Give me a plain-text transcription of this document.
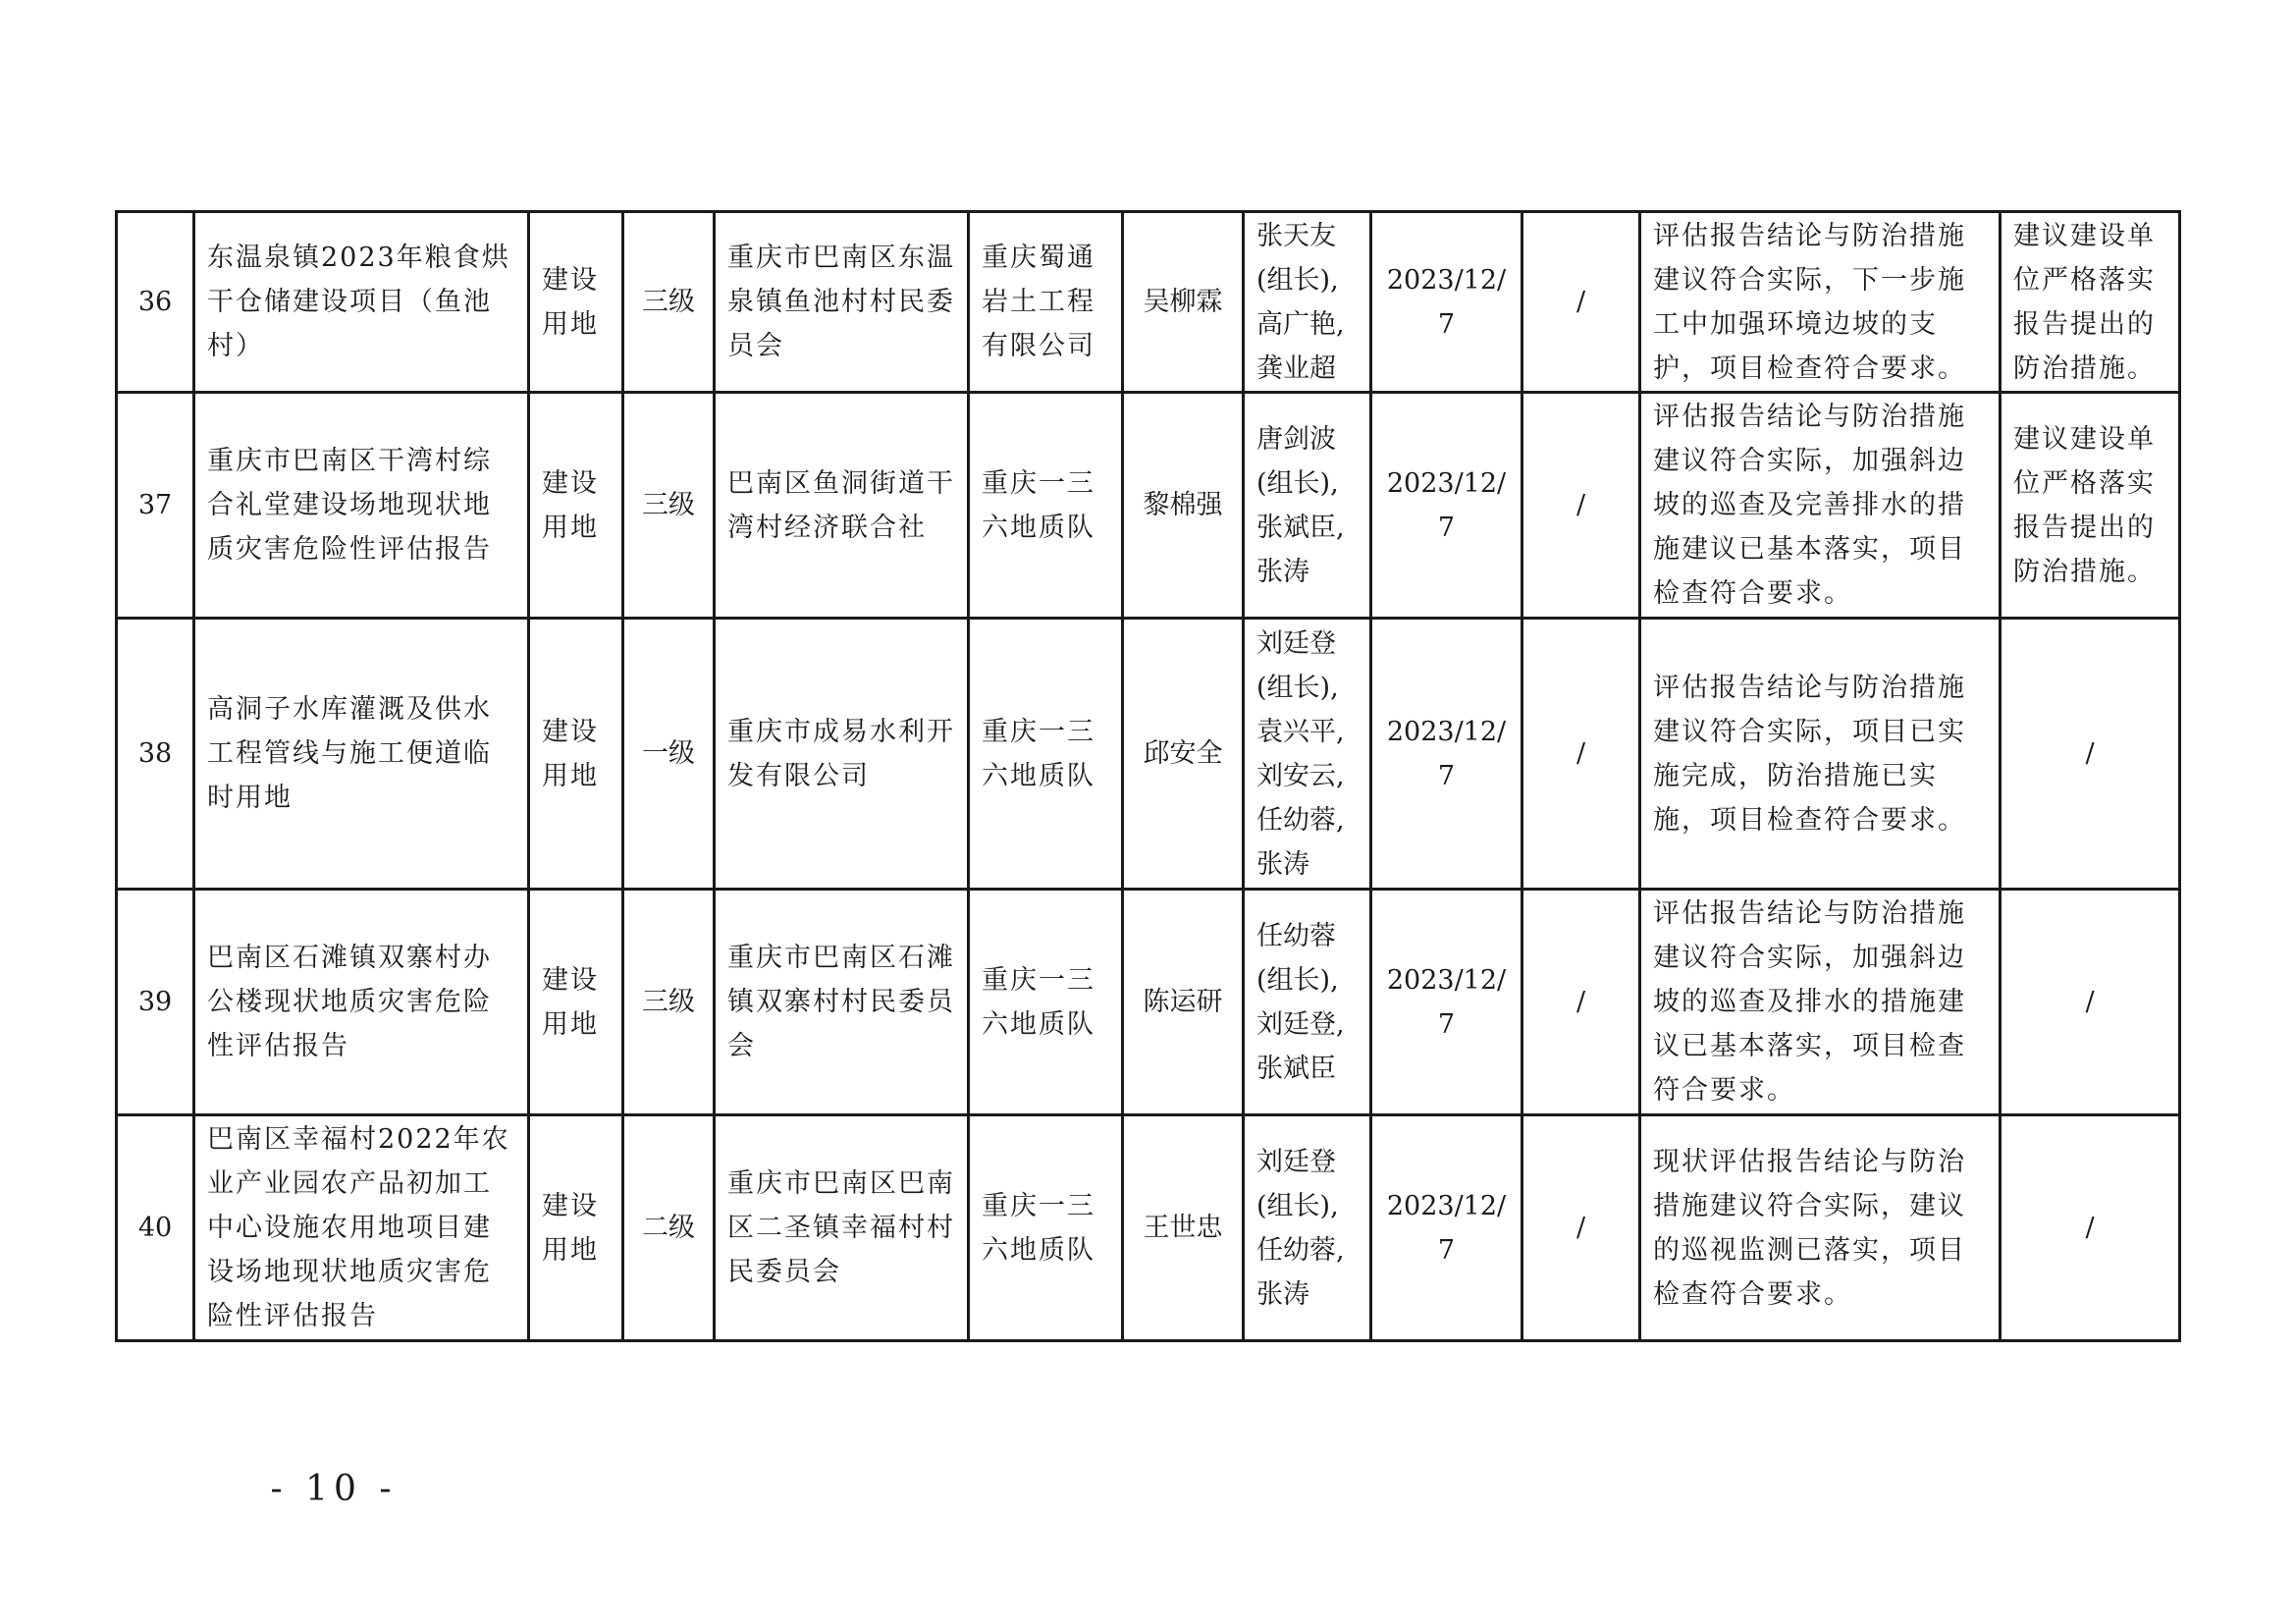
36	东温泉镇2023年粮食烘干仓储建设项目（鱼池村）	建设用地	三级	重庆市巴南区东温泉镇鱼池村村民委员会	重庆蜀通岩土工程有限公司	吴柳霖	张天友(组长),高广艳,龚业超	2023/12/7	/	评估报告结论与防治措施建议符合实际，下一步施工中加强环境边坡的支护，项目检查符合要求。	建议建设单位严格落实报告提出的防治措施。
37	重庆市巴南区干湾村综合礼堂建设场地现状地质灾害危险性评估报告	建设用地	三级	巴南区鱼洞街道干湾村经济联合社	重庆一三六地质队	黎棉强	唐剑波(组长),张斌臣,张涛	2023/12/7	/	评估报告结论与防治措施建议符合实际，加强斜边坡的巡查及完善排水的措施建议已基本落实，项目检查符合要求。	建议建设单位严格落实报告提出的防治措施。
38	高洞子水库灌溉及供水工程管线与施工便道临时用地	建设用地	一级	重庆市成易水利开发有限公司	重庆一三六地质队	邱安全	刘廷登(组长),袁兴平,刘安云,任幼蓉,张涛	2023/12/7	/	评估报告结论与防治措施建议符合实际，项目已实施完成，防治措施已实施，项目检查符合要求。	/
39	巴南区石滩镇双寨村办公楼现状地质灾害危险性评估报告	建设用地	三级	重庆市巴南区石滩镇双寨村村民委员会	重庆一三六地质队	陈运研	任幼蓉(组长),刘廷登,张斌臣	2023/12/7	/	评估报告结论与防治措施建议符合实际，加强斜边坡的巡查及排水的措施建议已基本落实，项目检查符合要求。	/
40	巴南区幸福村2022年农业产业园农产品初加工中心设施农用地项目建设场地现状地质灾害危险性评估报告	建设用地	二级	重庆市巴南区巴南区二圣镇幸福村村民委员会	重庆一三六地质队	王世忠	刘廷登(组长),任幼蓉,张涛	2023/12/7	/	现状评估报告结论与防治措施建议符合实际，建议的巡视监测已落实，项目检查符合要求。	/
- 10 -
